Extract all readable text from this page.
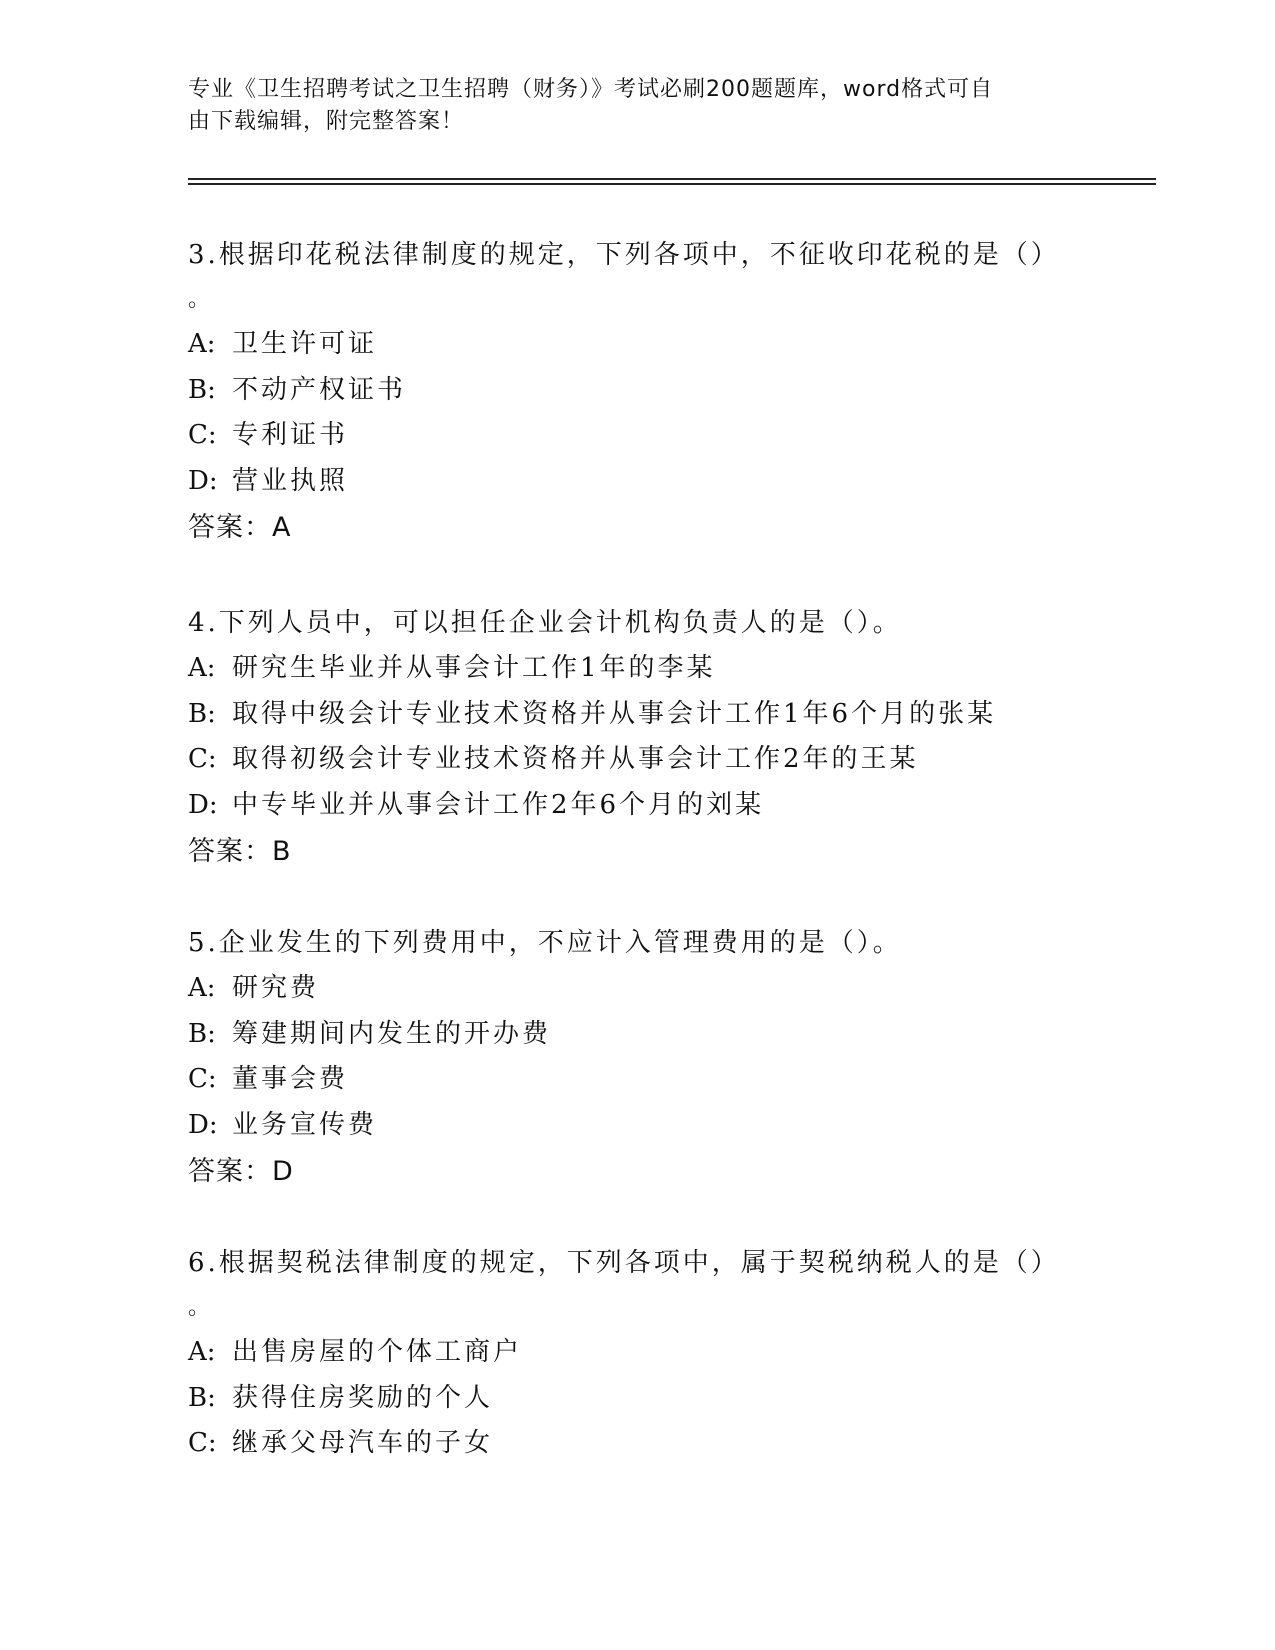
专业《卫生招聘考试之卫生招聘（财务）》考试必刷200题题库，word格式可自
由下载编辑，附完整答案！

3.根据印花税法律制度的规定，下列各项中，不征收印花税的是（）

。

A: 卫生许可证

B: 不动产权证书

C: 专利证书

D: 营业执照

答案：A

4.下列人员中，可以担任企业会计机构负责人的是（）。

A: 研究生毕业并从事会计工作1年的李某

B: 取得中级会计专业技术资格并从事会计工作1年6个月的张某

C: 取得初级会计专业技术资格并从事会计工作2年的王某

D: 中专毕业并从事会计工作2年6个月的刘某

答案：B

5.企业发生的下列费用中，不应计入管理费用的是（）。

A: 研究费

B: 筹建期间内发生的开办费

C: 董事会费

D: 业务宣传费

答案：D

6.根据契税法律制度的规定，下列各项中，属于契税纳税人的是（）

。

A: 出售房屋的个体工商户

B: 获得住房奖励的个人

C: 继承父母汽车的子女
